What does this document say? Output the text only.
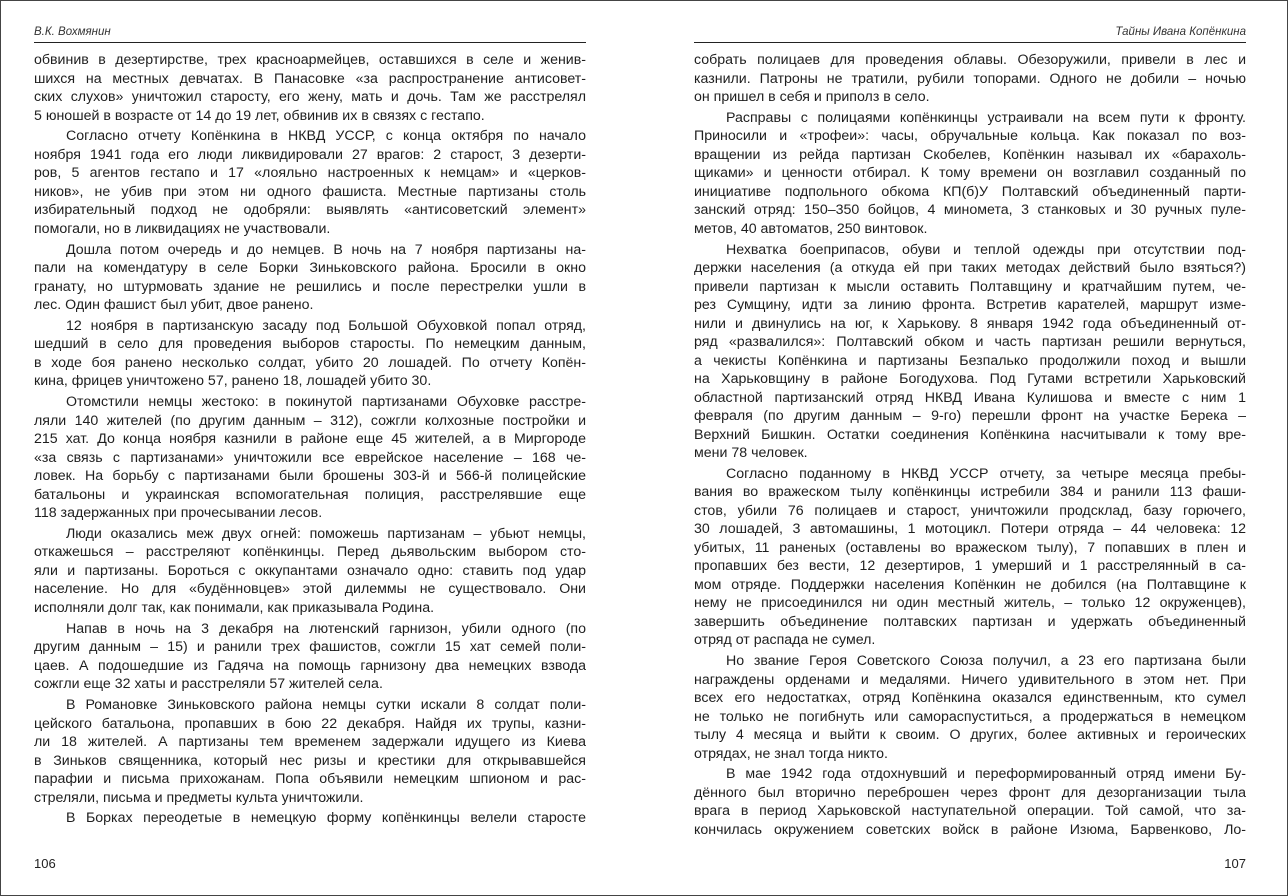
В.К. Вохмянин
обвинив в дезертирстве, трех красноармейцев, оставшихся в селе и женив-
шихся на местных девчатах. В Панасовке «за распространение антисовет-
ских слухов» уничтожил старосту, его жену, мать и дочь. Там же расстрелял
5 юношей в возрасте от 14 до 19 лет, обвинив их в связях с гестапо.
Согласно отчету Копёнкина в НКВД УССР, с конца октября по начало
ноября 1941 года его люди ликвидировали 27 врагов: 2 старост, 3 дезерти-
ров, 5 агентов гестапо и 17 «лояльно настроенных к немцам» и «церков-
ников», не убив при этом ни одного фашиста. Местные партизаны столь
избирательный подход не одобряли: выявлять «антисоветский элемент»
помогали, но в ликвидациях не участвовали.
Дошла потом очередь и до немцев. В ночь на 7 ноября партизаны на-
пали на комендатуру в селе Борки Зиньковского района. Бросили в окно
гранату, но штурмовать здание не решились и после перестрелки ушли в
лес. Один фашист был убит, двое ранено.
12 ноября в партизанскую засаду под Большой Обуховкой попал отряд,
шедший в село для проведения выборов старосты. По немецким данным,
в ходе боя ранено несколько солдат, убито 20 лошадей. По отчету Копён-
кина, фрицев уничтожено 57, ранено 18, лошадей убито 30.
Отомстили немцы жестоко: в покинутой партизанами Обуховке расстре-
ляли 140 жителей (по другим данным – 312), сожгли колхозные постройки и
215 хат. До конца ноября казнили в районе еще 45 жителей, а в Миргороде
«за связь с партизанами» уничтожили все еврейское население – 168 че-
ловек. На борьбу с партизанами были брошены 303-й и 566-й полицейские
батальоны и украинская вспомогательная полиция, расстрелявшие еще
118 задержанных при прочесывании лесов.
Люди оказались меж двух огней: поможешь партизанам – убьют немцы,
откажешься – расстреляют копёнкинцы. Перед дьявольским выбором сто-
яли и партизаны. Бороться с оккупантами означало одно: ставить под удар
население. Но для «будённовцев» этой дилеммы не существовало. Они
исполняли долг так, как понимали, как приказывала Родина.
Напав в ночь на 3 декабря на лютенский гарнизон, убили одного (по
другим данным – 15) и ранили трех фашистов, сожгли 15 хат семей поли-
цаев. А подошедшие из Гадяча на помощь гарнизону два немецких взвода
сожгли еще 32 хаты и расстреляли 57 жителей села.
В Романовке Зиньковского района немцы сутки искали 8 солдат поли-
цейского батальона, пропавших в бою 22 декабря. Найдя их трупы, казни-
ли 18 жителей. А партизаны тем временем задержали идущего из Киева
в Зиньков священника, который нес ризы и крестики для открывавшейся
парафии и письма прихожанам. Попа объявили немецким шпионом и рас-
стреляли, письма и предметы культа уничтожили.
В Борках переодетые в немецкую форму копёнкинцы велели старосте
106
Тайны Ивана Копёнкина
собрать полицаев для проведения облавы. Обезоружили, привели в лес и
казнили. Патроны не тратили, рубили топорами. Одного не добили – ночью
он пришел в себя и приполз в село.
Расправы с полицаями копёнкинцы устраивали на всем пути к фронту.
Приносили и «трофеи»: часы, обручальные кольца. Как показал по воз-
вращении из рейда партизан Скобелев, Копёнкин называл их «барахоль-
щиками» и ценности отбирал. К тому времени он возглавил созданный по
инициативе подпольного обкома КП(б)У Полтавский объединенный парти-
занский отряд: 150–350 бойцов, 4 миномета, 3 станковых и 30 ручных пуле-
метов, 40 автоматов, 250 винтовок.
Нехватка боеприпасов, обуви и теплой одежды при отсутствии под-
держки населения (а откуда ей при таких методах действий было взяться?)
привели партизан к мысли оставить Полтавщину и кратчайшим путем, че-
рез Сумщину, идти за линию фронта. Встретив карателей, маршрут изме-
нили и двинулись на юг, к Харькову. 8 января 1942 года объединенный от-
ряд «развалился»: Полтавский обком и часть партизан решили вернуться,
а чекисты Копёнкина и партизаны Безпалько продолжили поход и вышли
на Харьковщину в районе Богодухова. Под Гутами встретили Харьковский
областной партизанский отряд НКВД Ивана Кулишова и вместе с ним 1
февраля (по другим данным – 9-го) перешли фронт на участке Берека –
Верхний Бишкин. Остатки соединения Копёнкина насчитывали к тому вре-
мени 78 человек.
Согласно поданному в НКВД УССР отчету, за четыре месяца пребы-
вания во вражеском тылу копёнкинцы истребили 384 и ранили 113 фаши-
стов, убили 76 полицаев и старост, уничтожили продсклад, базу горючего,
30 лошадей, 3 автомашины, 1 мотоцикл. Потери отряда – 44 человека: 12
убитых, 11 раненых (оставлены во вражеском тылу), 7 попавших в плен и
пропавших без вести, 12 дезертиров, 1 умерший и 1 расстрелянный в са-
мом отряде. Поддержки населения Копёнкин не добился (на Полтавщине к
нему не присоединился ни один местный житель, – только 12 окруженцев),
завершить объединение полтавских партизан и удержать объединенный
отряд от распада не сумел.
Но звание Героя Советского Союза получил, а 23 его партизана были
награждены орденами и медалями. Ничего удивительного в этом нет. При
всех его недостатках, отряд Копёнкина оказался единственным, кто сумел
не только не погибнуть или самораспуститься, а продержаться в немецком
тылу 4 месяца и выйти к своим. О других, более активных и героических
отрядах, не знал тогда никто.
В мае 1942 года отдохнувший и переформированный отряд имени Бу-
дённого был вторично переброшен через фронт для дезорганизации тыла
врага в период Харьковской наступательной операции. Той самой, что за-
кончилась окружением советских войск в районе Изюма, Барвенково, Ло-
107
